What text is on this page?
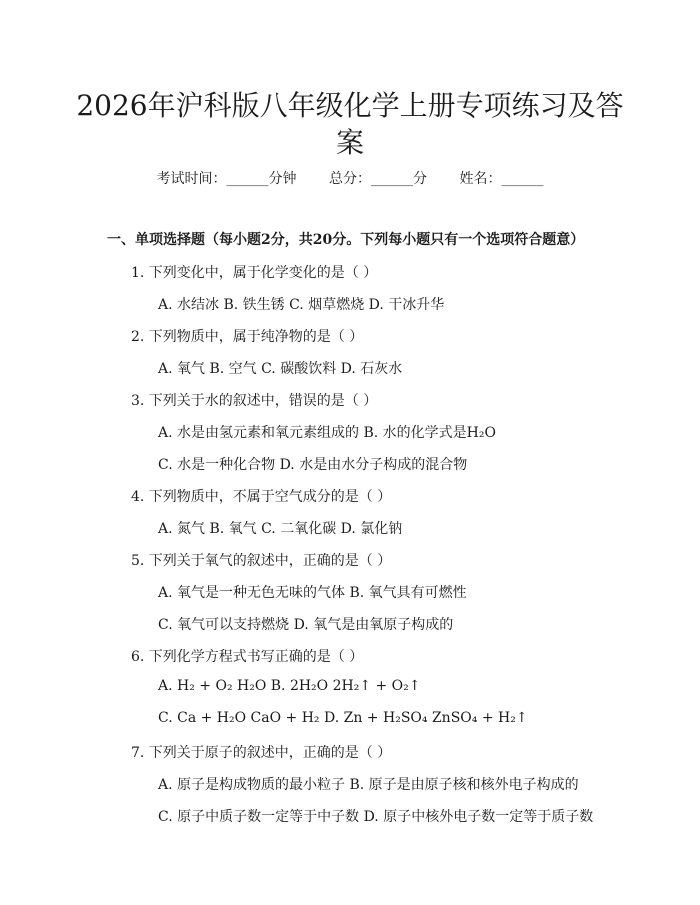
2026年沪科版八年级化学上册专项练习及答
案
考试时间：______分钟 总分：______分 姓名：______
一、单项选择题（每小题2分，共20分。下列每小题只有一个选项符合题意）
1. 下列变化中，属于化学变化的是（ ）
A. 水结冰 B. 铁生锈 C. 烟草燃烧 D. 干冰升华
2. 下列物质中，属于纯净物的是（ ）
A. 氧气 B. 空气 C. 碳酸饮料 D. 石灰水
3. 下列关于水的叙述中，错误的是（ ）
A. 水是由氢元素和氧元素组成的 B. 水的化学式是H₂O
C. 水是一种化合物 D. 水是由水分子构成的混合物
4. 下列物质中，不属于空气成分的是（ ）
A. 氮气 B. 氧气 C. 二氧化碳 D. 氯化钠
5. 下列关于氧气的叙述中，正确的是（ ）
A. 氧气是一种无色无味的气体 B. 氧气具有可燃性
C. 氧气可以支持燃烧 D. 氧气是由氧原子构成的
6. 下列化学方程式书写正确的是（ ）
A. H₂ + O₂ H₂O B. 2H₂O 2H₂↑ + O₂↑
C. Ca + H₂O CaO + H₂ D. Zn + H₂SO₄ ZnSO₄ + H₂↑
7. 下列关于原子的叙述中，正确的是（ ）
A. 原子是构成物质的最小粒子 B. 原子是由原子核和核外电子构成的
C. 原子中质子数一定等于中子数 D. 原子中核外电子数一定等于质子数
